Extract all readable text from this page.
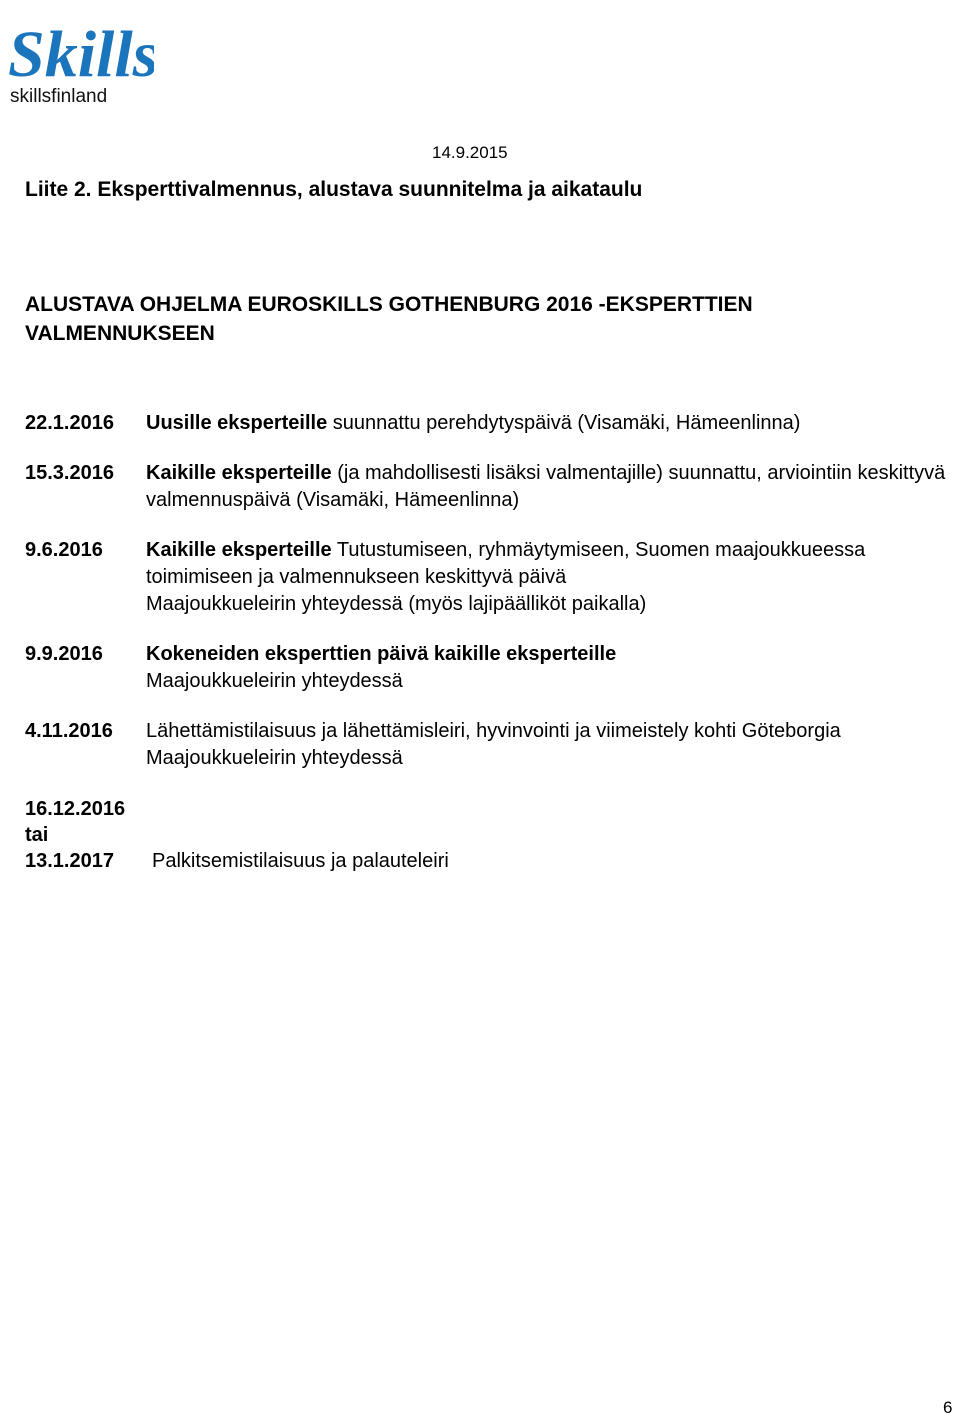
Skills
skillsfinland
14.9.2015
Liite 2. Eksperttivalmennus, alustava suunnitelma ja aikataulu
ALUSTAVA OHJELMA EUROSKILLS GOTHENBURG 2016 -EKSPERTTIEN VALMENNUKSEEN
22.1.2016	Uusille eksperteille suunnattu perehdytyspäivä (Visamäki, Hämeenlinna)
15.3.2016	Kaikille eksperteille (ja mahdollisesti lisäksi valmentajille) suunnattu, arviointiin keskittyvä valmennuspäivä (Visamäki, Hämeenlinna)
9.6.2016	Kaikille eksperteille Tutustumiseen, ryhmäytymiseen, Suomen maajoukkueessa toimimiseen ja valmennukseen keskittyvä päivä
Maajoukkueleirin yhteydessä (myös lajipäälliköt paikalla)
9.9.2016	Kokeneiden eksperttien päivä kaikille eksperteille
Maajoukkueleirin yhteydessä
4.11.2016	Lähettämistilaisuus ja lähettämisleiri, hyvinvointi ja viimeistely kohti Göteborgia
Maajoukkueleirin yhteydessä
16.12.2016
tai
13.1.2017	Palkitsemistilaisuus ja palauteleiri
6
